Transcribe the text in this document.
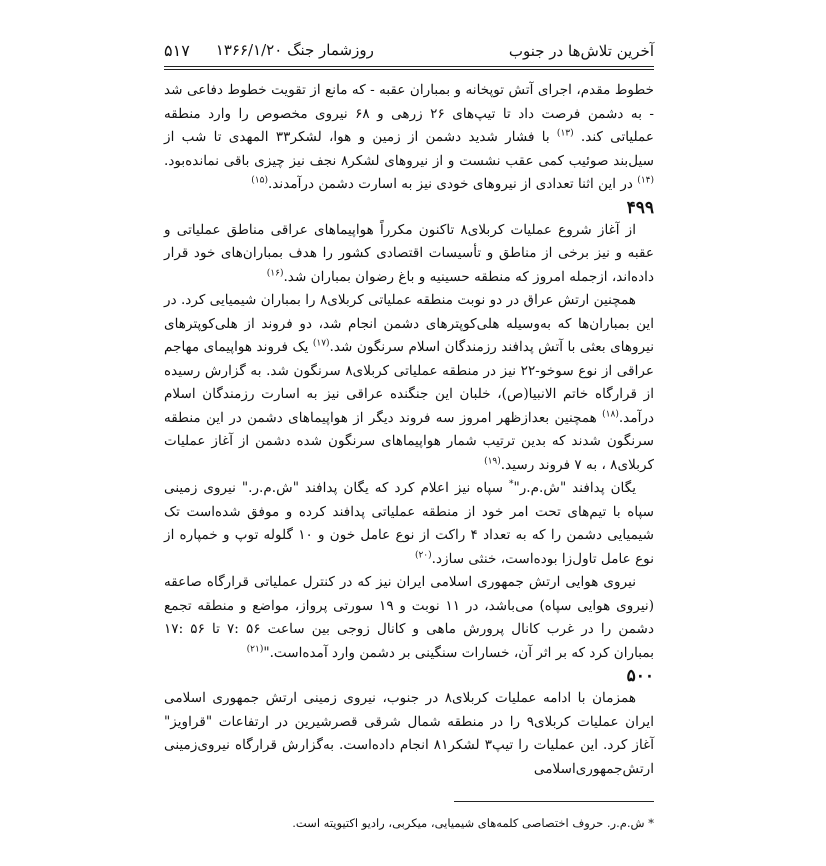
آخرین تلاش‌ها در جنوب
روزشمار جنگ ۱۳۶۶/۱/۲۰
۵۱۷

خطوط مقدم، اجرای آتش توپخانه و بمباران عقبه - که مانع از تقویت خطوط دفاعی شد - به دشمن فرصت داد تا تیپ‌های ۲۶ زرهی و ۶۸ نیروی مخصوص را وارد منطقه عملیاتی کند. $^{(۱۳)}$ با فشار شدید دشمن از زمین و هوا، لشکر۳۳ المهدی تا شب از سیل‌بند صوئیب کمی عقب نشست و از نیروهای لشکر۸ نجف نیز چیزی باقی نمانده‌بود.$^{(۱۴)}$ در این اثنا تعدادی از نیروهای خودی نیز به اسارت دشمن درآمدند.$^{(۱۵)}$

۴۹۹

از آغاز شروع عملیات کربلای۸ تاکنون مکرراً هواپیماهای عراقی مناطق عملیاتی و عقبه و نیز برخی از مناطق و تأسیسات اقتصادی کشور را هدف بمباران‌های خود قرار داده‌اند، ازجمله امروز که منطقه حسینیه و باغ رضوان بمباران شد.$^{(۱۶)}$

همچنین ارتش عراق در دو نوبت منطقه عملیاتی کربلای۸ را بمباران شیمیایی کرد. در این بمباران‌ها که به‌وسیله هلی‌کوپترهای دشمن انجام شد، دو فروند از هلی‌کوپترهای نیروهای بعثی با آتش پدافند رزمندگان اسلام سرنگون شد.$^{(۱۷)}$ یک فروند هواپیمای مهاجم عراقی از نوع سوخو-۲۲ نیز در منطقه عملیاتی کربلای۸ سرنگون شد. به گزارش رسیده از قرارگاه خاتم الانبیا(ص)، خلبان این جنگنده عراقی نیز به اسارت رزمندگان اسلام درآمد.$^{(۱۸)}$ همچنین بعدازظهر امروز سه فروند دیگر از هواپیماهای دشمن در این منطقه سرنگون شدند که بدین ترتیب شمار هواپیماهای سرنگون شده دشمن از آغاز عملیات کربلای۸ ، به ۷ فروند رسید.$^{(۱۹)}$

یگان پدافند "ش.م.ر"* سپاه نیز اعلام کرد که یگان پدافند "ش.م.ر." نیروی زمینی سپاه با تیم‌های تحت امر خود از منطقه عملیاتی پدافند کرده و موفق شده‌است تک شیمیایی دشمن را که به تعداد ۴ راکت از نوع عامل خون و ۱۰ گلوله توپ و خمپاره از نوع عامل تاول‌زا بوده‌است، خنثی سازد.$^{(۲۰)}$

نیروی هوایی ارتش جمهوری اسلامی ایران نیز که در کنترل عملیاتی قرارگاه صاعقه (نیروی هوایی سپاه) می‌باشد، در ۱۱ نوبت و ۱۹ سورتی پرواز، مواضع و منطقه تجمع دشمن را در غرب کانال پرورش ماهی و کانال زوجی بین ساعت ۵۶ :۷ تا ۵۶ :۱۷ بمباران کرد که بر اثر آن، خسارات سنگینی بر دشمن وارد آمده‌است."$^{(۲۱)}$

۵۰۰

همزمان با ادامه عملیات کربلای۸ در جنوب، نیروی زمینی ارتش جمهوری اسلامی ایران عملیات کربلای۹ را در منطقه شمال شرقی قصرشیرین در ارتفاعات "قراویز" آغاز کرد. این عملیات را تیپ۳ لشکر۸۱ انجام داده‌است. به‌گزارش قرارگاه نیروی‌زمینی ارتش‌جمهوری‌اسلامی

* ش.م.ر. حروف اختصاصی کلمه‌های شیمیایی، میکربی، رادیو اکتیویته است.
